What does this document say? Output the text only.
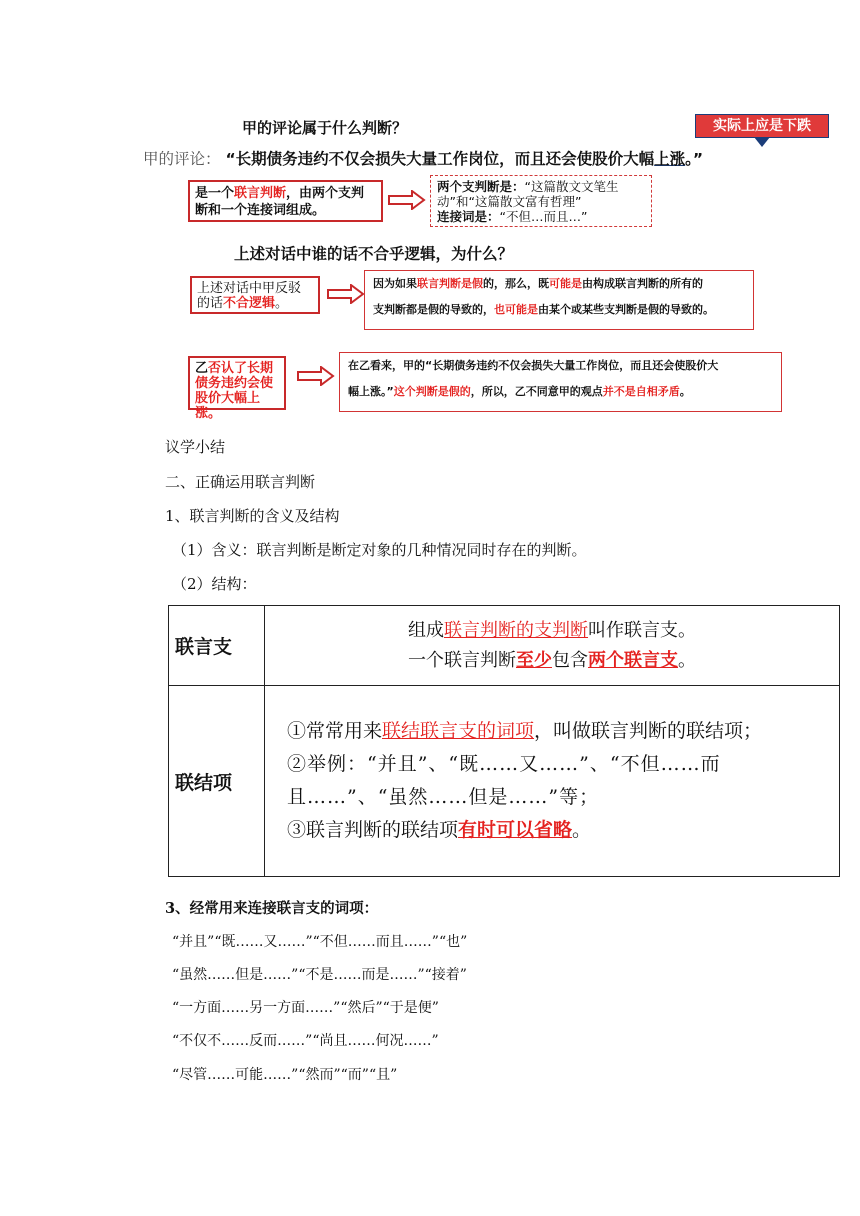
甲的评论属于什么判断？	实际上应是下跌
甲的评论： “长期债务违约不仅会损失大量工作岗位，而且还会使股价大幅上涨。”
是一个联言判断，由两个支判断和一个连接词组成。
两个支判断是：“这篇散文文笔生动”和“这篇散文富有哲理”
连接词是：“不但…而且…”
上述对话中谁的话不合乎逻辑，为什么？
上述对话中甲反驳的话不合逻辑。
因为如果联言判断是假的，那么，既可能是由构成联言判断的所有的
支判断都是假的导致的，也可能是由某个或某些支判断是假的导致的。
乙否认了长期债务违约会使股价大幅上涨。
在乙看来，甲的“长期债务违约不仅会损失大量工作岗位，而且还会使股价大
幅上涨。”这个判断是假的，所以，乙不同意甲的观点并不是自相矛盾。
议学小结
二、正确运用联言判断
1、联言判断的含义及结构
（1）含义：联言判断是断定对象的几种情况同时存在的判断。
（2）结构：
联言支	组成联言判断的支判断叫作联言支。
一个联言判断至少包含两个联言支。

联结项	①常常用来联结联言支的词项，叫做联言判断的联结项；
②举例：“并且”、“既……又……”、“不但……而且……”、“虽然……但是……”等；
③联言判断的联结项有时可以省略。
3、经常用来连接联言支的词项：
“并且”“既……又……”“不但……而且……”“也”
“虽然……但是……”“不是……而是……”“接着”
“一方面……另一方面……”“然后”“于是便”
“不仅不……反而……”“尚且……何况……”
“尽管……可能……”“然而”“而”“且”
